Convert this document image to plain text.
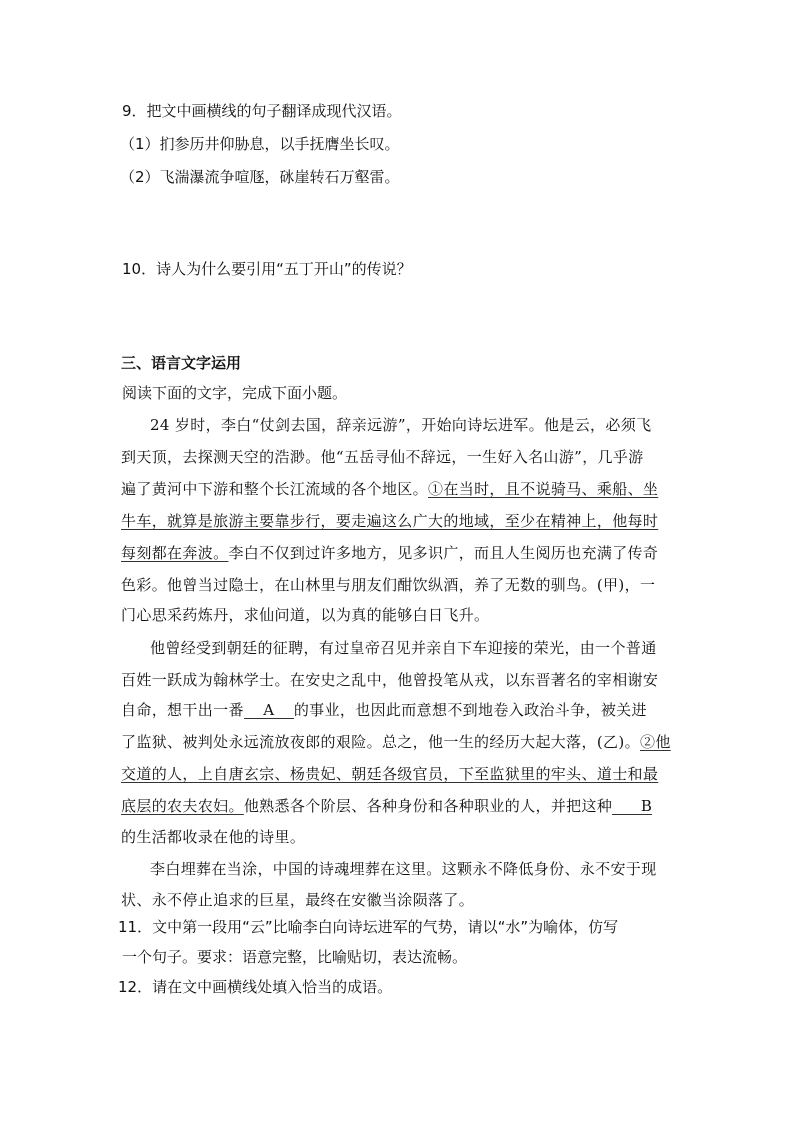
9．把文中画横线的句子翻译成现代汉语。
（1）扪参历井仰胁息，以手抚膺坐长叹。
（2）飞湍瀑流争喧豗，砯崖转石万壑雷。
10．诗人为什么要引用“五丁开山”的传说？
三、语言文字运用
阅读下面的文字，完成下面小题。
24 岁时，李白“仗剑去国，辞亲远游”，开始向诗坛进军。他是云，必须飞
到天顶，去探测天空的浩渺。他“五岳寻仙不辞远，一生好入名山游”，几乎游
遍了黄河中下游和整个长江流域的各个地区。①在当时，且不说骑马、乘船、坐
牛车，就算是旅游主要靠步行，要走遍这么广大的地域，至少在精神上，他每时
每刻都在奔波。李白不仅到过许多地方，见多识广，而且人生阅历也充满了传奇
色彩。他曾当过隐士，在山林里与朋友们酣饮纵酒，养了无数的驯鸟。(甲)，一
门心思采药炼丹，求仙问道，以为真的能够白日飞升。
他曾经受到朝廷的征聘，有过皇帝召见并亲自下车迎接的荣光，由一个普通
百姓一跃成为翰林学士。在安史之乱中，他曾投笔从戎，以东晋著名的宰相谢安
自命，想干出一番 A 的事业，也因此而意想不到地卷入政治斗争，被关进
了监狱、被判处永远流放夜郎的艰险。总之，他一生的经历大起大落，(乙)。②他
交道的人，上自唐玄宗、杨贵妃、朝廷各级官员，下至监狱里的牢头、道士和最
底层的农夫农妇。他熟悉各个阶层、各种身份和各种职业的人，并把这种 B
的生活都收录在他的诗里。
李白埋葬在当涂，中国的诗魂埋葬在这里。这颗永不降低身份、永不安于现
状、永不停止追求的巨星，最终在安徽当涂陨落了。
11．文中第一段用“云”比喻李白向诗坛进军的气势，请以“水”为喻体，仿写
一个句子。要求：语意完整，比喻贴切，表达流畅。
12．请在文中画横线处填入恰当的成语。
